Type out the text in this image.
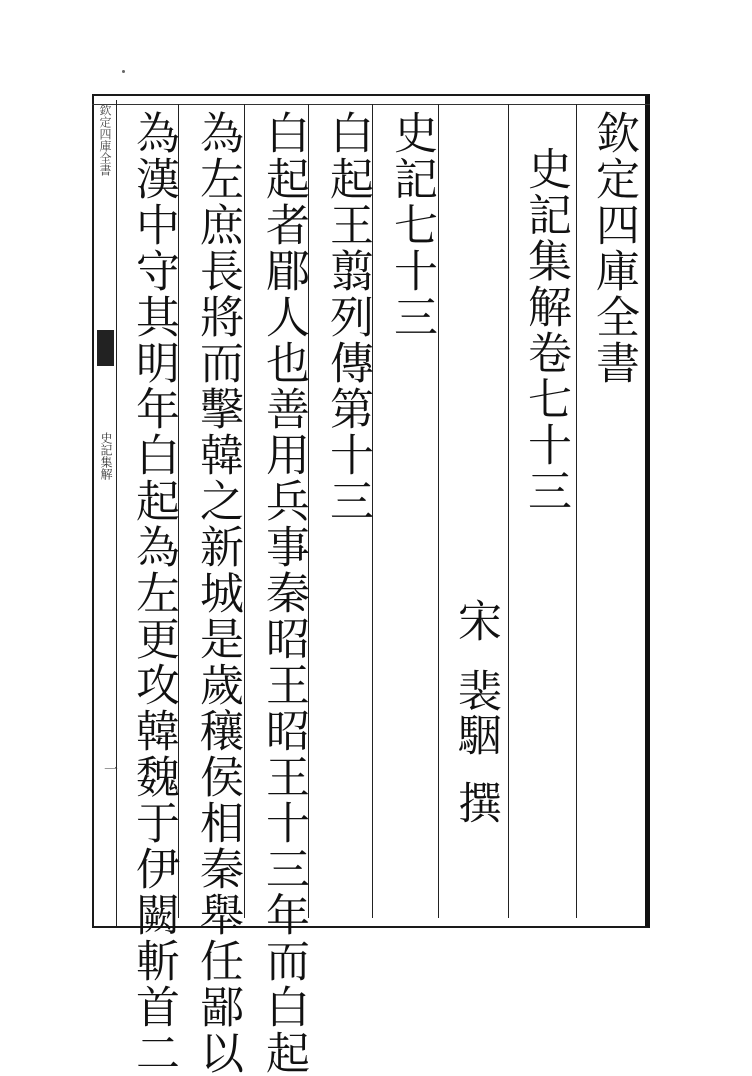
欽定四庫全書
史記集解
一
欽定四庫全書
史記集解卷七十三
宋
裴駰
撰
史記七十三
白起王翦列傳第十三
白起者郿人也善用兵事秦昭王昭王十三年而白起
為左庶長將而擊韓之新城是歲穰侯相秦舉任鄙以
為漢中守其明年白起為左更攻韓魏于伊闕斬首二
